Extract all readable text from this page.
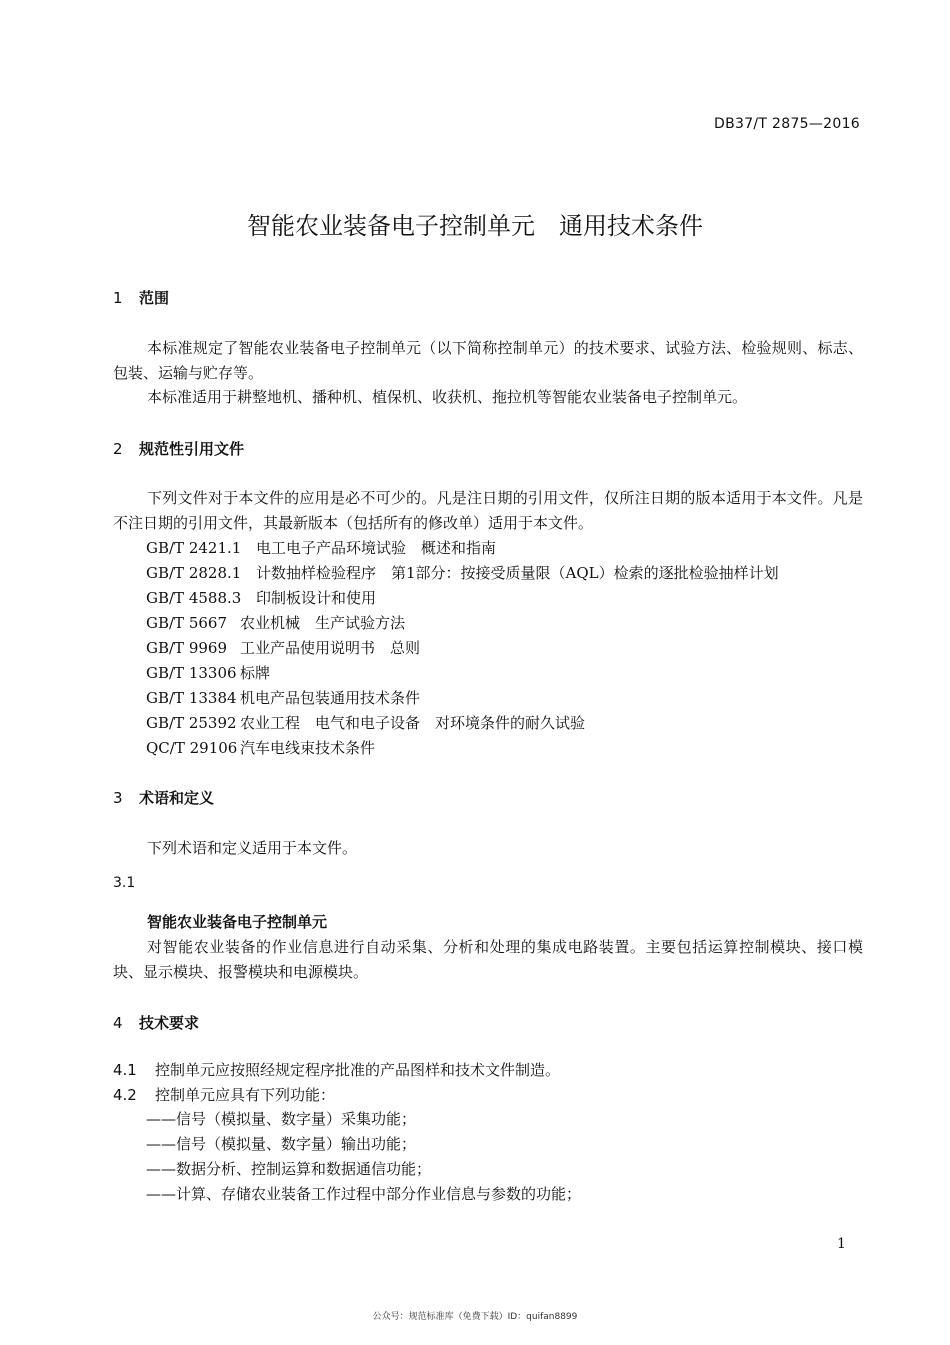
DB37/T 2875—2016
智能农业装备电子控制单元　通用技术条件
1 范围
本标准规定了智能农业装备电子控制单元（以下简称控制单元）的技术要求、试验方法、检验规则、标志、包装、运输与贮存等。
本标准适用于耕整地机、播种机、植保机、收获机、拖拉机等智能农业装备电子控制单元。
2 规范性引用文件
下列文件对于本文件的应用是必不可少的。凡是注日期的引用文件，仅所注日期的版本适用于本文件。凡是不注日期的引用文件，其最新版本（包括所有的修改单）适用于本文件。
GB/T 2421.1 电工电子产品环境试验　概述和指南
GB/T 2828.1 计数抽样检验程序　第1部分：按接受质量限（AQL）检索的逐批检验抽样计划
GB/T 4588.3 印制板设计和使用
GB/T 5667 农业机械　生产试验方法
GB/T 9969 工业产品使用说明书　总则
GB/T 13306 标牌
GB/T 13384 机电产品包装通用技术条件
GB/T 25392 农业工程　电气和电子设备　对环境条件的耐久试验
QC/T 29106 汽车电线束技术条件
3 术语和定义
下列术语和定义适用于本文件。
3.1
智能农业装备电子控制单元
对智能农业装备的作业信息进行自动采集、分析和处理的集成电路装置。主要包括运算控制模块、接口模块、显示模块、报警模块和电源模块。
4 技术要求
4.1 控制单元应按照经规定程序批准的产品图样和技术文件制造。
4.2 控制单元应具有下列功能：
——信号（模拟量、数字量）采集功能；
——信号（模拟量、数字量）输出功能；
——数据分析、控制运算和数据通信功能；
——计算、存储农业装备工作过程中部分作业信息与参数的功能；
1
公众号：规范标准库（免费下载）ID：quifan8899
